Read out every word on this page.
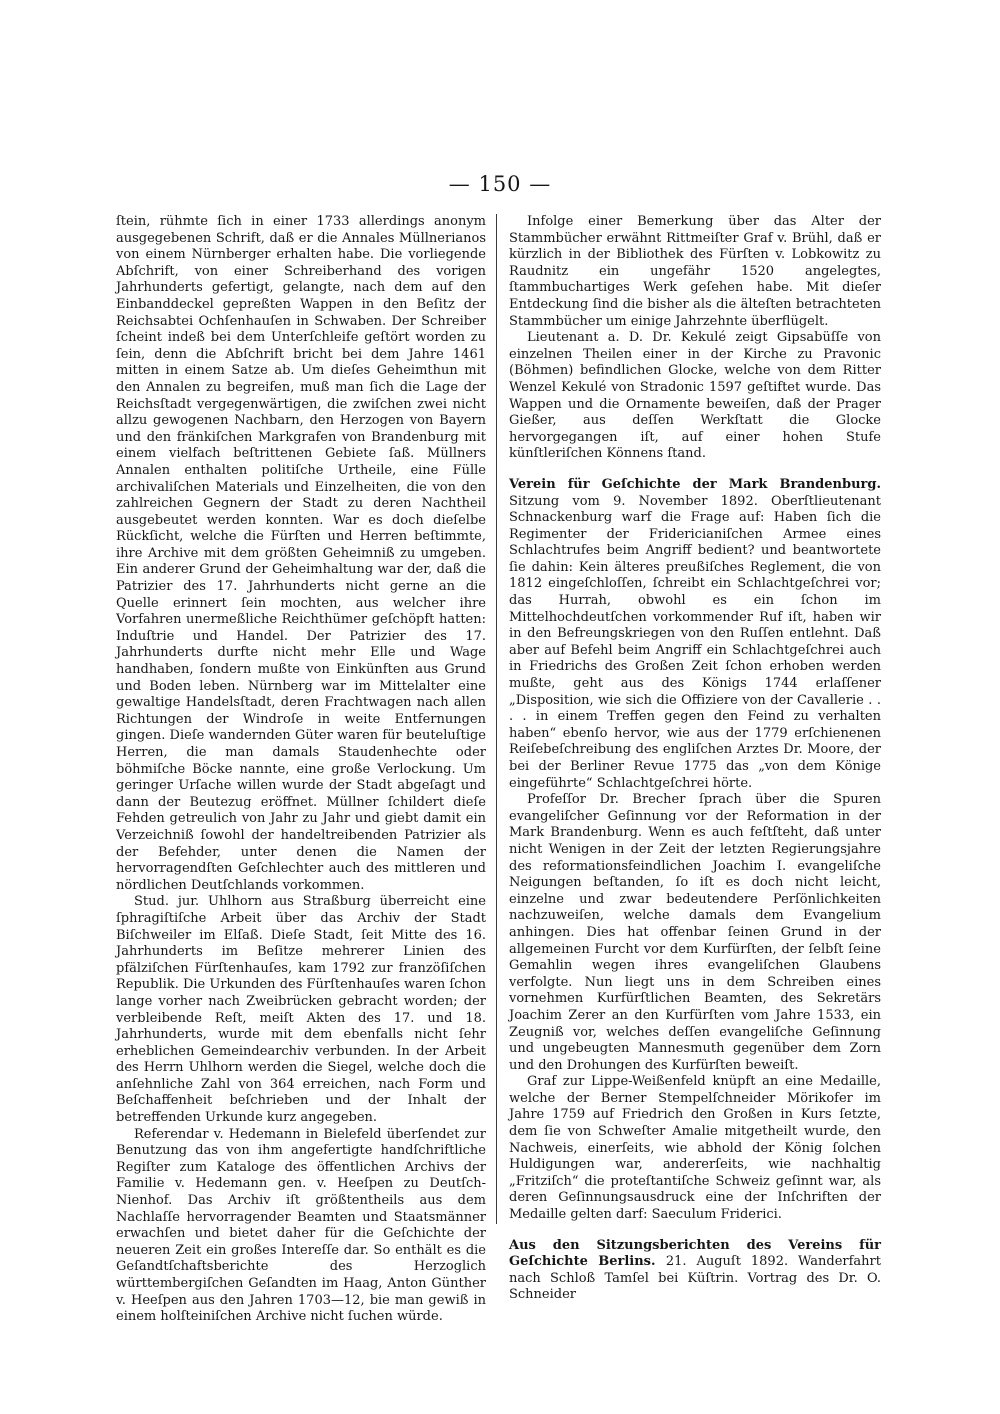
— 150 —

ſtein, rühmte ſich in einer 1733 allerdings anonym ausgegebenen Schrift, daß er die Annales Müllnerianos von einem Nürnberger erhalten habe. Die vorliegende Abſchrift, von einer Schreiberhand des vorigen Jahrhunderts gefertigt, gelangte, nach dem auf den Einbanddeckel gepreßten Wappen in den Beſitz der Reichsabtei Ochſenhauſen in Schwaben. Der Schreiber ſcheint indeß bei dem Unterſchleife geſtört worden zu ſein, denn die Abſchrift bricht bei dem Jahre 1461 mitten in einem Satze ab. Um dieſes Geheimthun mit den Annalen zu begreifen, muß man ſich die Lage der Reichsſtadt vergegenwärtigen, die zwiſchen zwei nicht allzu gewogenen Nachbarn, den Herzogen von Bayern und den fränkiſchen Markgrafen von Brandenburg mit einem vielfach beſtrittenen Gebiete ſaß. Müllners Annalen enthalten politiſche Urtheile, eine Fülle archivaliſchen Materials und Einzelheiten, die von den zahlreichen Gegnern der Stadt zu deren Nachtheil ausgebeutet werden konnten. War es doch dieſelbe Rückſicht, welche die Fürſten und Herren beſtimmte, ihre Archive mit dem größten Geheimniß zu umgeben. Ein anderer Grund der Geheimhaltung war der, daß die Patrizier des 17. Jahrhunderts nicht gerne an die Quelle erinnert ſein mochten, aus welcher ihre Vorfahren unermeßliche Reichthümer geſchöpft hatten: Induſtrie und Handel. Der Patrizier des 17. Jahrhunderts durfte nicht mehr Elle und Wage handhaben, ſondern mußte von Einkünften aus Grund und Boden leben. Nürnberg war im Mittelalter eine gewaltige Handelsſtadt, deren Frachtwagen nach allen Richtungen der Windroſe in weite Entfernungen gingen. Dieſe wandernden Güter waren für beuteluſtige Herren, die man damals Staudenhechte oder böhmiſche Böcke nannte, eine große Verlockung. Um geringer Urſache willen wurde der Stadt abgeſagt und dann der Beutezug eröffnet. Müllner ſchildert dieſe Fehden getreulich von Jahr zu Jahr und giebt damit ein Verzeichniß ſowohl der handeltreibenden Patrizier als der Befehder, unter denen die Namen der hervorragendſten Geſchlechter auch des mittleren und nördlichen Deutſchlands vorkommen.

Stud. jur. Uhlhorn aus Straßburg überreicht eine ſphragiſtiſche Arbeit über das Archiv der Stadt Biſchweiler im Elſaß. Dieſe Stadt, ſeit Mitte des 16. Jahrhunderts im Beſitze mehrerer Linien des pfälziſchen Fürſtenhauſes, kam 1792 zur franzöſiſchen Republik. Die Urkunden des Fürſtenhauſes waren ſchon lange vorher nach Zweibrücken gebracht worden; der verbleibende Reſt, meiſt Akten des 17. und 18. Jahrhunderts, wurde mit dem ebenfalls nicht ſehr erheblichen Gemeindearchiv verbunden. In der Arbeit des Herrn Uhlhorn werden die Siegel, welche doch die anſehnliche Zahl von 364 erreichen, nach Form und Beſchaffenheit beſchrieben und der Inhalt der betreffenden Urkunde kurz angegeben.

Referendar v. Hedemann in Bielefeld überſendet zur Benutzung das von ihm angefertigte handſchriftliche Regiſter zum Kataloge des öffentlichen Archivs der Familie v. Hedemann gen. v. Heeſpen zu Deutſch-Nienhof. Das Archiv iſt größtentheils aus dem Nachlaſſe hervorragender Beamten und Staatsmänner erwachſen und bietet daher für die Geſchichte der neueren Zeit ein großes Intereſſe dar. So enthält es die Geſandtſchaftsberichte des Herzoglich württembergiſchen Geſandten im Haag, Anton Günther v. Heeſpen aus den Jahren 1703—12, bie man gewiß in einem holſteiniſchen Archive nicht ſuchen würde.

Infolge einer Bemerkung über das Alter der Stammbücher erwähnt Rittmeiſter Graf v. Brühl, daß er kürzlich in der Bibliothek des Fürſten v. Lobkowitz zu Raudnitz ein ungefähr 1520 angelegtes, ſtammbuchartiges Werk geſehen habe. Mit dieſer Entdeckung ſind die bisher als die älteſten betrachteten Stammbücher um einige Jahrzehnte überflügelt.

Lieutenant a. D. Dr. Kekulé zeigt Gipsabüſſe von einzelnen Theilen einer in der Kirche zu Pravonic (Böhmen) befindlichen Glocke, welche von dem Ritter Wenzel Kekulé von Stradonic 1597 geſtiftet wurde. Das Wappen und die Ornamente beweiſen, daß der Prager Gießer, aus deſſen Werkſtatt die Glocke hervorgegangen iſt, auf einer hohen Stufe künſtleriſchen Könnens ſtand.

Verein für Geſchichte der Mark Brandenburg. Sitzung vom 9. November 1892. Oberſtlieutenant Schnackenburg warf die Frage auf: Haben ſich die Regimenter der Fridericianiſchen Armee eines Schlachtrufes beim Angriff bedient? und beantwortete ſie dahin: Kein älteres preußiſches Reglement, die von 1812 eingeſchloſſen, ſchreibt ein Schlachtgeſchrei vor; das Hurrah, obwohl es ein ſchon im Mittelhochdeutſchen vorkommender Ruf iſt, haben wir in den Befreungskriegen von den Ruſſen entlehnt. Daß aber auf Befehl beim Angriff ein Schlachtgeſchrei auch in Friedrichs des Großen Zeit ſchon erhoben werden mußte, geht aus des Königs 1744 erlaſſener „Disposition, wie sich die Offiziere von der Cavallerie . . . . in einem Treffen gegen den Feind zu verhalten haben“ ebenſo hervor, wie aus der 1779 erſchienenen Reiſebeſchreibung des engliſchen Arztes Dr. Moore, der bei der Berliner Revue 1775 das „von dem Könige eingeführte“ Schlachtgeſchrei hörte.

Profeſſor Dr. Brecher ſprach über die Spuren evangeliſcher Geſinnung vor der Reformation in der Mark Brandenburg. Wenn es auch feſtſteht, daß unter nicht Wenigen in der Zeit der letzten Regierungsjahre des reformationsfeindlichen Joachim I. evangeliſche Neigungen beſtanden, ſo iſt es doch nicht leicht, einzelne und zwar bedeutendere Perſönlichkeiten nachzuweiſen, welche damals dem Evangelium anhingen. Dies hat offenbar ſeinen Grund in der allgemeinen Furcht vor dem Kurfürſten, der ſelbſt ſeine Gemahlin wegen ihres evangeliſchen Glaubens verfolgte. Nun liegt uns in dem Schreiben eines vornehmen Kurfürſtlichen Beamten, des Sekretärs Joachim Zerer an den Kurfürſten vom Jahre 1533, ein Zeugniß vor, welches deſſen evangeliſche Geſinnung und ungebeugten Mannesmuth gegenüber dem Zorn und den Drohungen des Kurfürſten beweiſt.

Graf zur Lippe-Weißenfeld knüpft an eine Medaille, welche der Berner Stempelſchneider Mörikofer im Jahre 1759 auf Friedrich den Großen in Kurs ſetzte, dem ſie von Schweſter Amalie mitgetheilt wurde, den Nachweis, einerſeits, wie abhold der König ſolchen Huldigungen war, andererſeits, wie nachhaltig „Fritziſch“ die proteſtantiſche Schweiz geſinnt war, als deren Geſinnungsausdruck eine der Inſchriften der Medaille gelten darf: Saeculum Friderici.

Aus den Sitzungsberichten des Vereins für Geſchichte Berlins. 21. Auguſt 1892. Wanderfahrt nach Schloß Tamſel bei Küſtrin. Vortrag des Dr. O. Schneider
